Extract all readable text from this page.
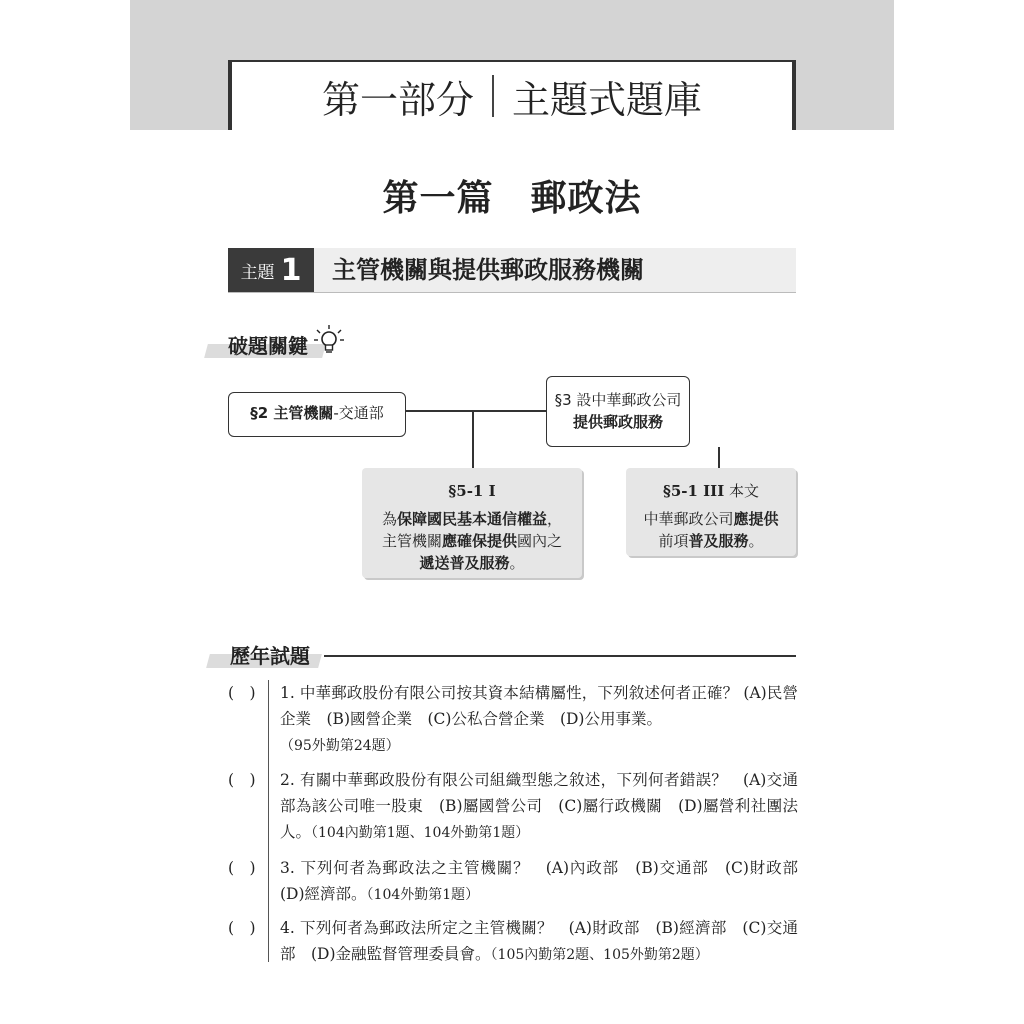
第一部分 主題式題庫
第一篇　郵政法
主題 1 主管機關與提供郵政服務機關
破題關鍵
§2 主管機關-交通部
§3 設中華郵政公司
提供郵政服務
§5-1 I
為保障國民基本通信權益，
主管機關應確保提供國內之
遞送普及服務。
§5-1 III 本文
中華郵政公司應提供
前項普及服務。
歷年試題
(　) 1. 中華郵政股份有限公司按其資本結構屬性，下列敘述何者正確？ (A)民營企業　(B)國營企業　(C)公私合營企業　(D)公用事業。
（95外勤第24題）
(　) 2. 有關中華郵政股份有限公司組織型態之敘述，下列何者錯誤？　(A)交通部為該公司唯一股東　(B)屬國營公司　(C)屬行政機關　(D)屬營利社團法人。（104內勤第1題、104外勤第1題）
(　) 3. 下列何者為郵政法之主管機關？　(A)內政部　(B)交通部　(C)財政部　(D)經濟部。（104外勤第1題）
(　) 4. 下列何者為郵政法所定之主管機關？　(A)財政部　(B)經濟部　(C)交通部　(D)金融監督管理委員會。（105內勤第2題、105外勤第2題）
